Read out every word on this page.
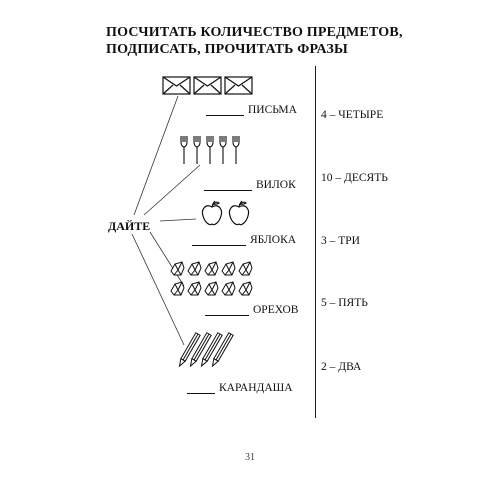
ПОСЧИТАТЬ КОЛИЧЕСТВО ПРЕДМЕТОВ,
ПОДПИСАТЬ, ПРОЧИТАТЬ ФРАЗЫ
ДАЙТЕ
ПИСЬМА
ВИЛОК
ЯБЛОКА
ОРЕХОВ
КАРАНДАША
4 – ЧЕТЫРЕ
10 – ДЕСЯТЬ
3 – ТРИ
5 – ПЯТЬ
2 – ДВА
31
